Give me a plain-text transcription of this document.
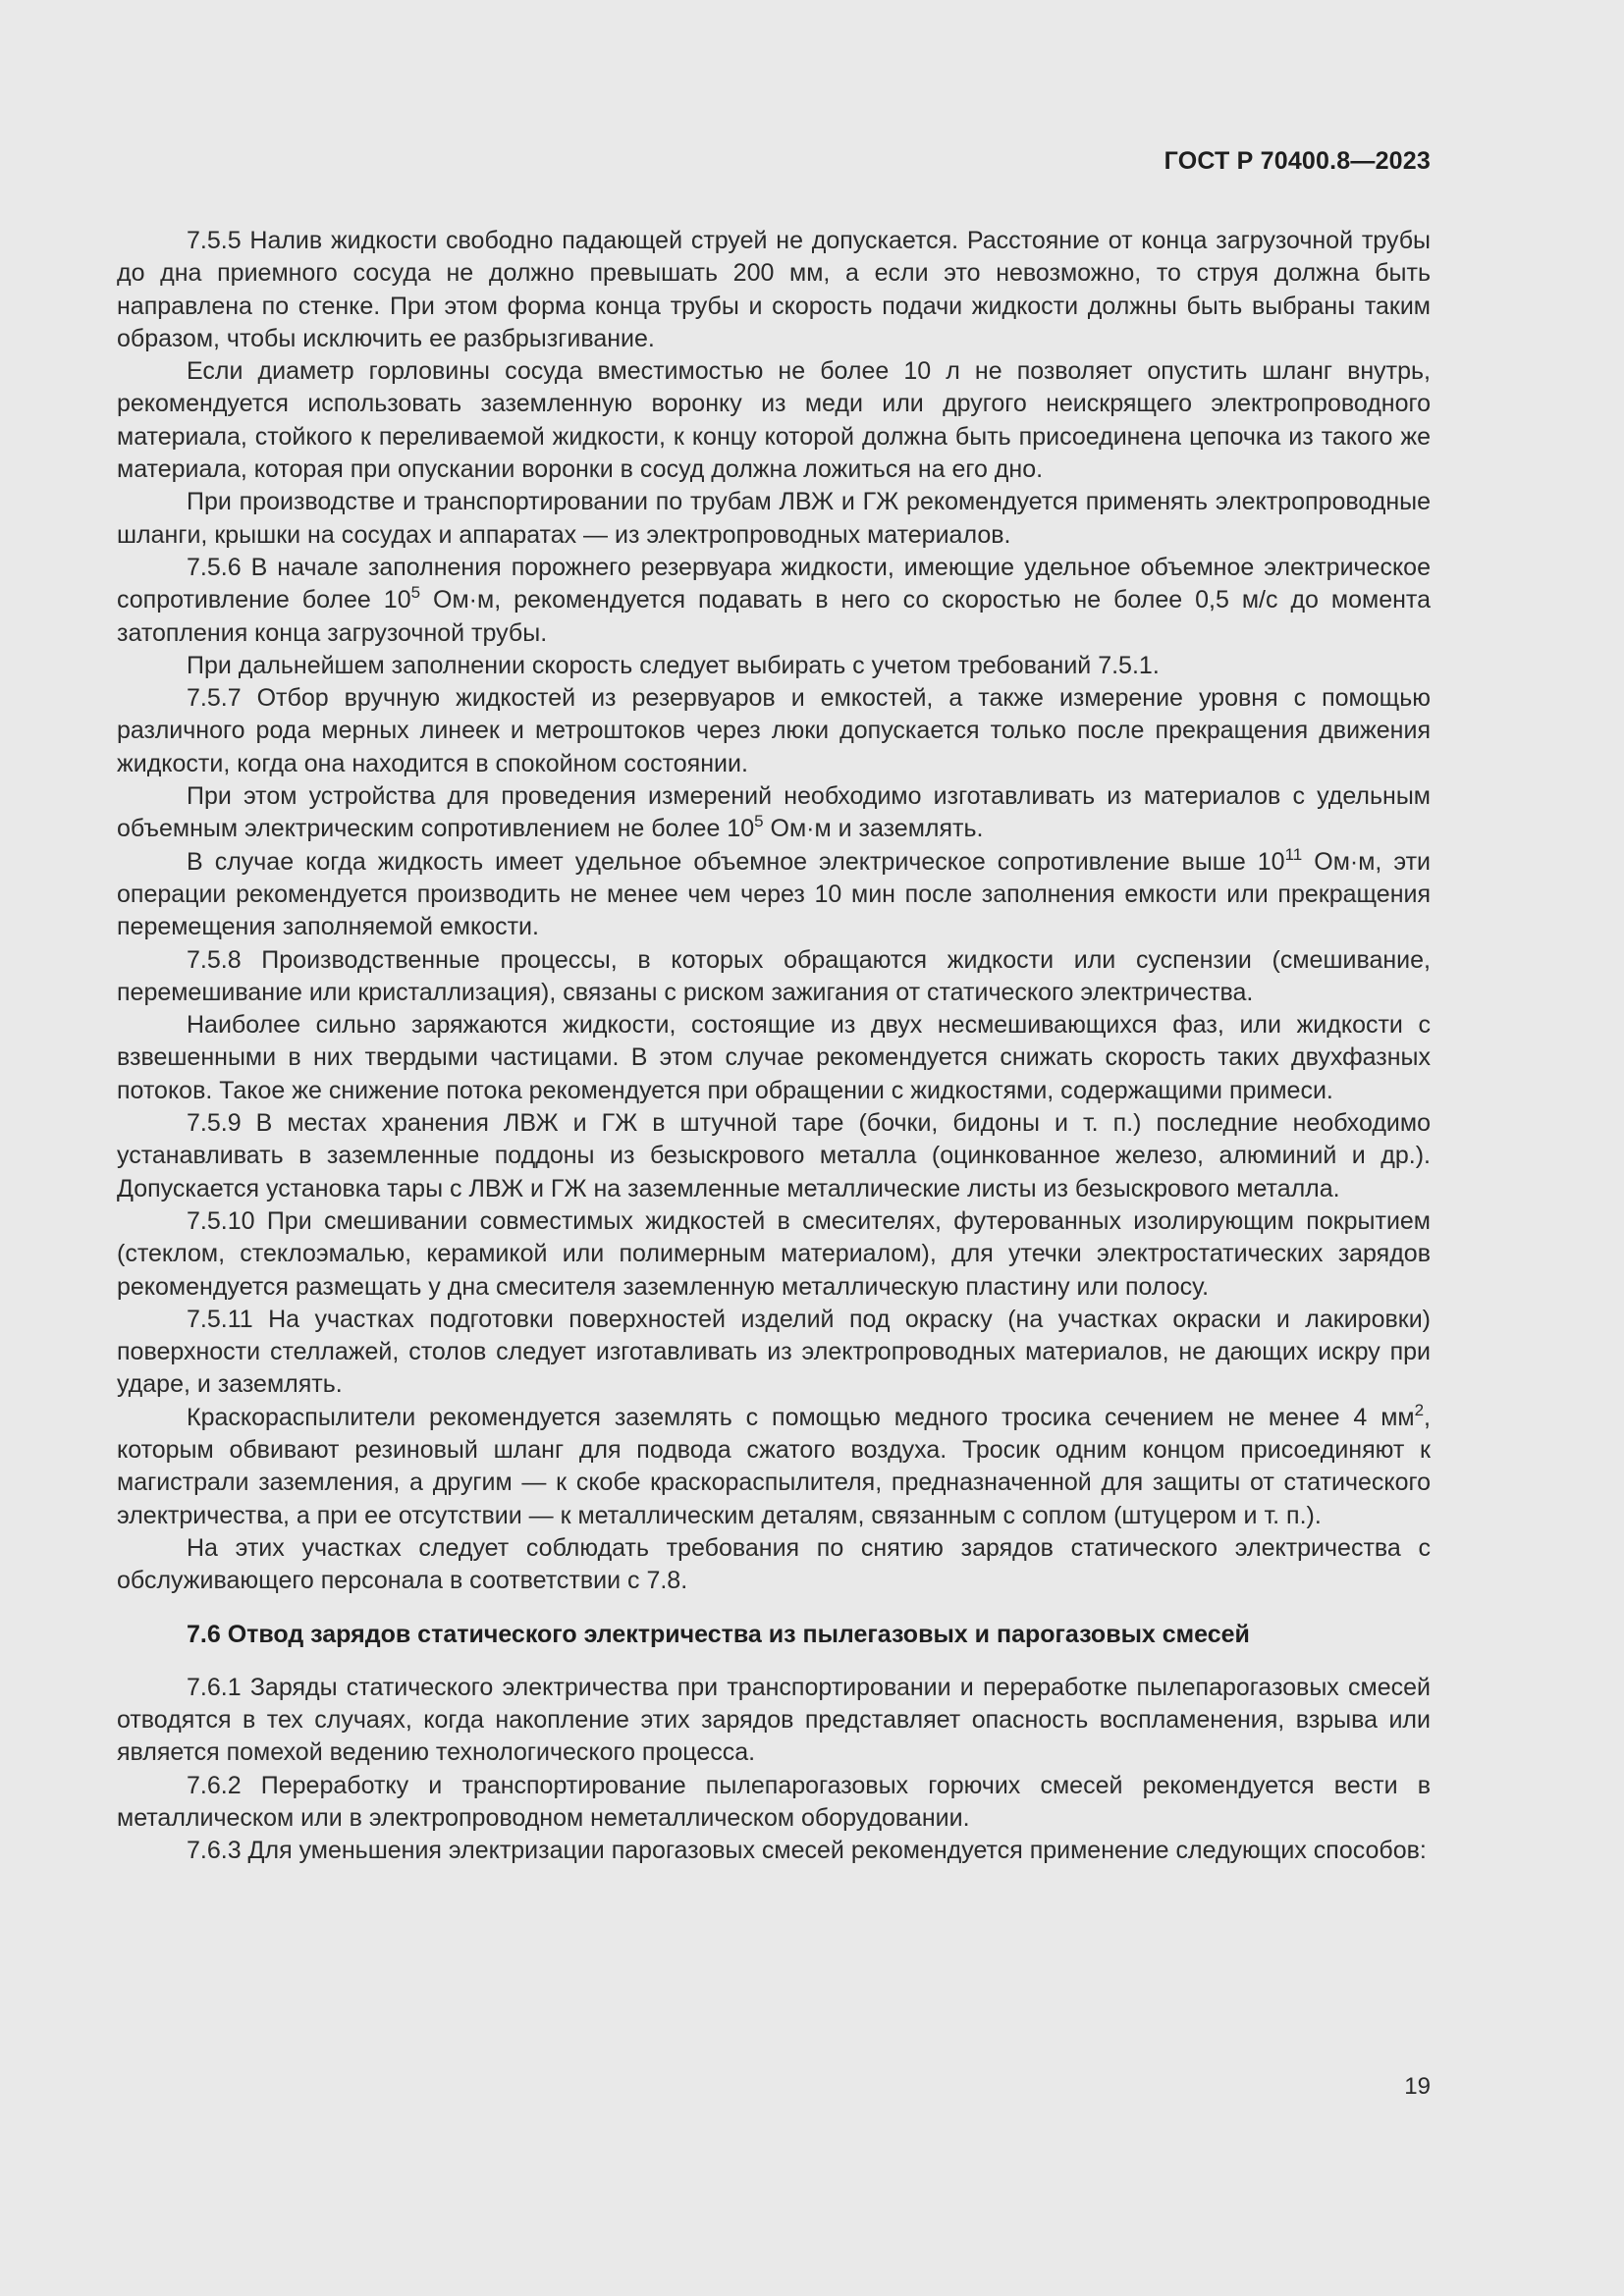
ГОСТ Р 70400.8—2023

7.5.5 Налив жидкости свободно падающей струей не допускается. Расстояние от конца загрузочной трубы до дна приемного сосуда не должно превышать 200 мм, а если это невозможно, то струя должна быть направлена по стенке. При этом форма конца трубы и скорость подачи жидкости должны быть выбраны таким образом, чтобы исключить ее разбрызгивание.

Если диаметр горловины сосуда вместимостью не более 10 л не позволяет опустить шланг внутрь, рекомендуется использовать заземленную воронку из меди или другого неискрящего электропроводного материала, стойкого к переливаемой жидкости, к концу которой должна быть присоединена цепочка из такого же материала, которая при опускании воронки в сосуд должна ложиться на его дно.

При производстве и транспортировании по трубам ЛВЖ и ГЖ рекомендуется применять электропроводные шланги, крышки на сосудах и аппаратах — из электропроводных материалов.

7.5.6 В начале заполнения порожнего резервуара жидкости, имеющие удельное объемное электрическое сопротивление более $10^5$ Ом·м, рекомендуется подавать в него со скоростью не более 0,5 м/с до момента затопления конца загрузочной трубы.

При дальнейшем заполнении скорость следует выбирать с учетом требований 7.5.1.

7.5.7 Отбор вручную жидкостей из резервуаров и емкостей, а также измерение уровня с помощью различного рода мерных линеек и метроштоков через люки допускается только после прекращения движения жидкости, когда она находится в спокойном состоянии.

При этом устройства для проведения измерений необходимо изготавливать из материалов с удельным объемным электрическим сопротивлением не более $10^5$ Ом·м и заземлять.

В случае когда жидкость имеет удельное объемное электрическое сопротивление выше $10^{11}$ Ом·м, эти операции рекомендуется производить не менее чем через 10 мин после заполнения емкости или прекращения перемещения заполняемой емкости.

7.5.8 Производственные процессы, в которых обращаются жидкости или суспензии (смешивание, перемешивание или кристаллизация), связаны с риском зажигания от статического электричества.

Наиболее сильно заряжаются жидкости, состоящие из двух несмешивающихся фаз, или жидкости с взвешенными в них твердыми частицами. В этом случае рекомендуется снижать скорость таких двухфазных потоков. Такое же снижение потока рекомендуется при обращении с жидкостями, содержащими примеси.

7.5.9 В местах хранения ЛВЖ и ГЖ в штучной таре (бочки, бидоны и т. п.) последние необходимо устанавливать в заземленные поддоны из безыскрового металла (оцинкованное железо, алюминий и др.). Допускается установка тары с ЛВЖ и ГЖ на заземленные металлические листы из безыскрового металла.

7.5.10 При смешивании совместимых жидкостей в смесителях, футерованных изолирующим покрытием (стеклом, стеклоэмалью, керамикой или полимерным материалом), для утечки электростатических зарядов рекомендуется размещать у дна смесителя заземленную металлическую пластину или полосу.

7.5.11 На участках подготовки поверхностей изделий под окраску (на участках окраски и лакировки) поверхности стеллажей, столов следует изготавливать из электропроводных материалов, не дающих искру при ударе, и заземлять.

Краскораспылители рекомендуется заземлять с помощью медного тросика сечением не менее 4 $мм^2$, которым обвивают резиновый шланг для подвода сжатого воздуха. Тросик одним концом присоединяют к магистрали заземления, а другим — к скобе краскораспылителя, предназначенной для защиты от статического электричества, а при ее отсутствии — к металлическим деталям, связанным с соплом (штуцером и т. п.).

На этих участках следует соблюдать требования по снятию зарядов статического электричества с обслуживающего персонала в соответствии с 7.8.

7.6 Отвод зарядов статического электричества из пылегазовых и парогазовых смесей

7.6.1 Заряды статического электричества при транспортировании и переработке пылепарогазовых смесей отводятся в тех случаях, когда накопление этих зарядов представляет опасность воспламенения, взрыва или является помехой ведению технологического процесса.

7.6.2 Переработку и транспортирование пылепарогазовых горючих смесей рекомендуется вести в металлическом или в электропроводном неметаллическом оборудовании.

7.6.3 Для уменьшения электризации парогазовых смесей рекомендуется применение следующих способов:

19
